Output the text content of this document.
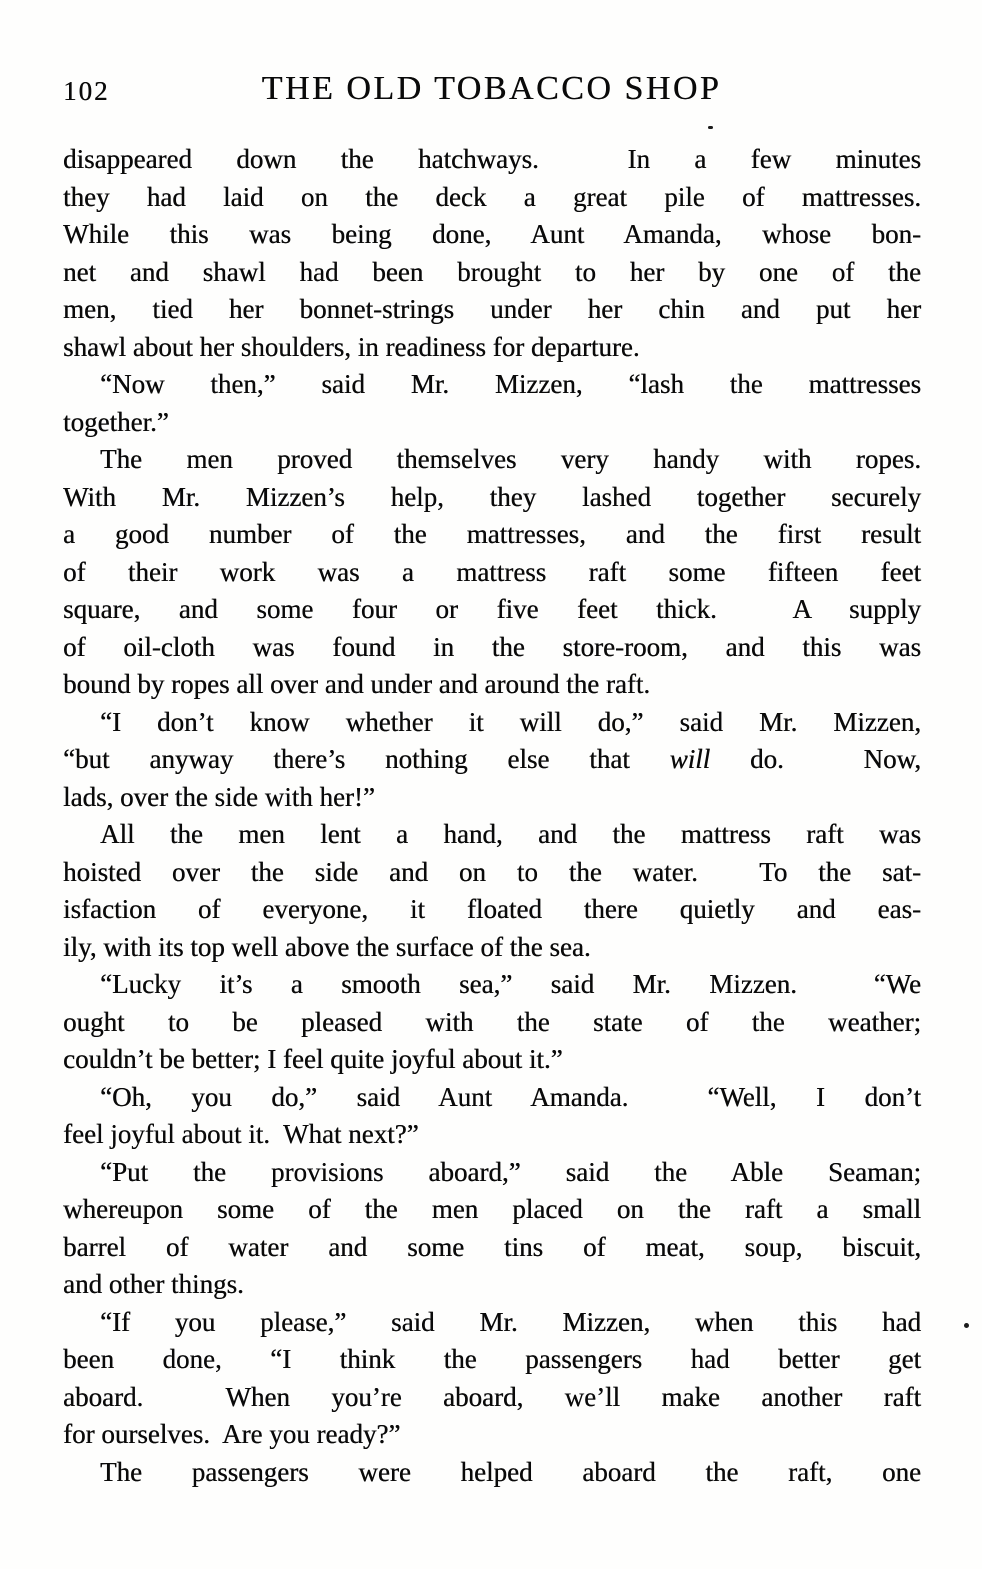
102	THE OLD TOBACCO SHOP
disappeared down the hatchways.  In a few minutes
they had laid on the deck a great pile of mattresses.
While this was being done, Aunt Amanda, whose bon-
net and shawl had been brought to her by one of the
men, tied her bonnet-strings under her chin and put her
shawl about her shoulders, in readiness for departure.
“Now then,” said Mr. Mizzen, “lash the mattresses
together.”
The men proved themselves very handy with ropes.
With Mr. Mizzen’s help, they lashed together securely
a good number of the mattresses, and the first result
of their work was a mattress raft some fifteen feet
square, and some four or five feet thick.  A supply
of oil-cloth was found in the store-room, and this was
bound by ropes all over and under and around the raft.
“I don’t know whether it will do,” said Mr. Mizzen,
“but anyway there’s nothing else that will do.  Now,
lads, over the side with her!”
All the men lent a hand, and the mattress raft was
hoisted over the side and on to the water.  To the sat-
isfaction of everyone, it floated there quietly and eas-
ily, with its top well above the surface of the sea.
“Lucky it’s a smooth sea,” said Mr. Mizzen.  “We
ought to be pleased with the state of the weather;
couldn’t be better; I feel quite joyful about it.”
“Oh, you do,” said Aunt Amanda.  “Well, I don’t
feel joyful about it.  What next?”
“Put the provisions aboard,” said the Able Seaman;
whereupon some of the men placed on the raft a small
barrel of water and some tins of meat, soup, biscuit,
and other things.
“If you please,” said Mr. Mizzen, when this had
been done, “I think the passengers had better get
aboard.  When you’re aboard, we’ll make another raft
for ourselves.  Are you ready?”
The passengers were helped aboard the raft, one
